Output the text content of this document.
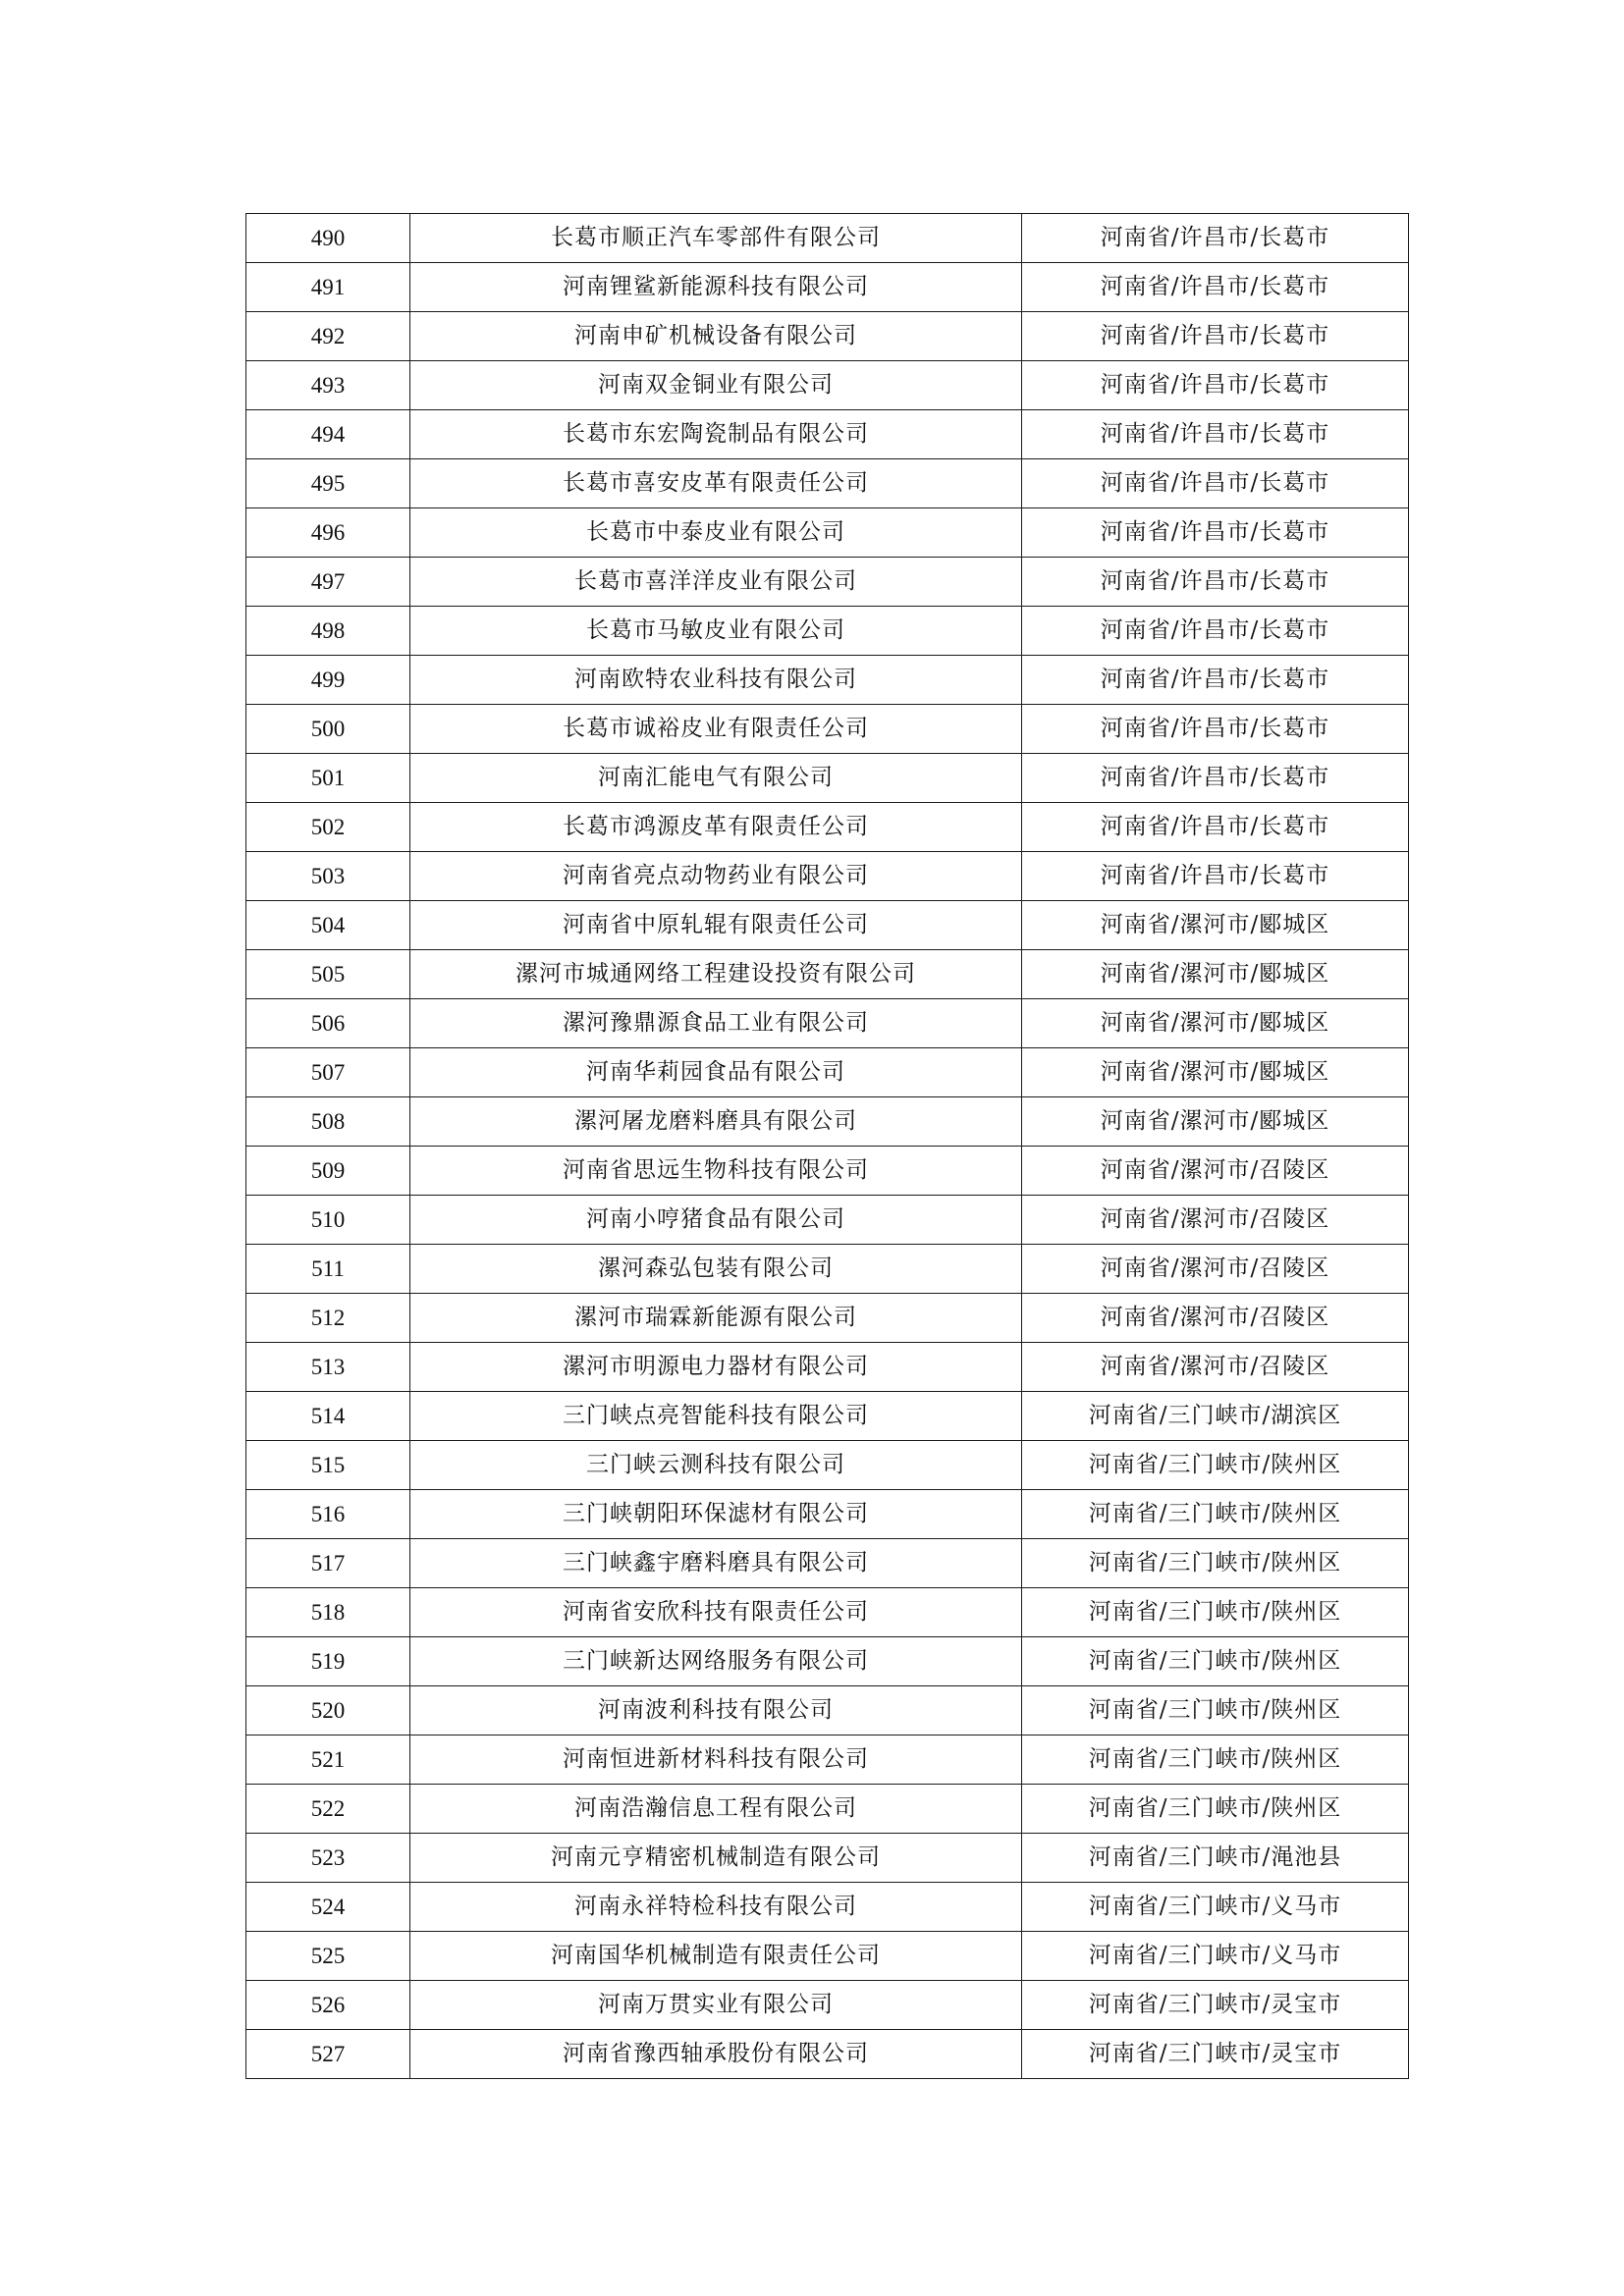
490	长葛市顺正汽车零部件有限公司	河南省/许昌市/长葛市
491	河南锂鲨新能源科技有限公司	河南省/许昌市/长葛市
492	河南申矿机械设备有限公司	河南省/许昌市/长葛市
493	河南双金铜业有限公司	河南省/许昌市/长葛市
494	长葛市东宏陶瓷制品有限公司	河南省/许昌市/长葛市
495	长葛市喜安皮革有限责任公司	河南省/许昌市/长葛市
496	长葛市中泰皮业有限公司	河南省/许昌市/长葛市
497	长葛市喜洋洋皮业有限公司	河南省/许昌市/长葛市
498	长葛市马敏皮业有限公司	河南省/许昌市/长葛市
499	河南欧特农业科技有限公司	河南省/许昌市/长葛市
500	长葛市诚裕皮业有限责任公司	河南省/许昌市/长葛市
501	河南汇能电气有限公司	河南省/许昌市/长葛市
502	长葛市鸿源皮革有限责任公司	河南省/许昌市/长葛市
503	河南省亮点动物药业有限公司	河南省/许昌市/长葛市
504	河南省中原轧辊有限责任公司	河南省/漯河市/郾城区
505	漯河市城通网络工程建设投资有限公司	河南省/漯河市/郾城区
506	漯河豫鼎源食品工业有限公司	河南省/漯河市/郾城区
507	河南华莉园食品有限公司	河南省/漯河市/郾城区
508	漯河屠龙磨料磨具有限公司	河南省/漯河市/郾城区
509	河南省思远生物科技有限公司	河南省/漯河市/召陵区
510	河南小哼猪食品有限公司	河南省/漯河市/召陵区
511	漯河森弘包装有限公司	河南省/漯河市/召陵区
512	漯河市瑞霖新能源有限公司	河南省/漯河市/召陵区
513	漯河市明源电力器材有限公司	河南省/漯河市/召陵区
514	三门峡点亮智能科技有限公司	河南省/三门峡市/湖滨区
515	三门峡云测科技有限公司	河南省/三门峡市/陕州区
516	三门峡朝阳环保滤材有限公司	河南省/三门峡市/陕州区
517	三门峡鑫宇磨料磨具有限公司	河南省/三门峡市/陕州区
518	河南省安欣科技有限责任公司	河南省/三门峡市/陕州区
519	三门峡新达网络服务有限公司	河南省/三门峡市/陕州区
520	河南波利科技有限公司	河南省/三门峡市/陕州区
521	河南恒进新材料科技有限公司	河南省/三门峡市/陕州区
522	河南浩瀚信息工程有限公司	河南省/三门峡市/陕州区
523	河南元亨精密机械制造有限公司	河南省/三门峡市/渑池县
524	河南永祥特检科技有限公司	河南省/三门峡市/义马市
525	河南国华机械制造有限责任公司	河南省/三门峡市/义马市
526	河南万贯实业有限公司	河南省/三门峡市/灵宝市
527	河南省豫西轴承股份有限公司	河南省/三门峡市/灵宝市
